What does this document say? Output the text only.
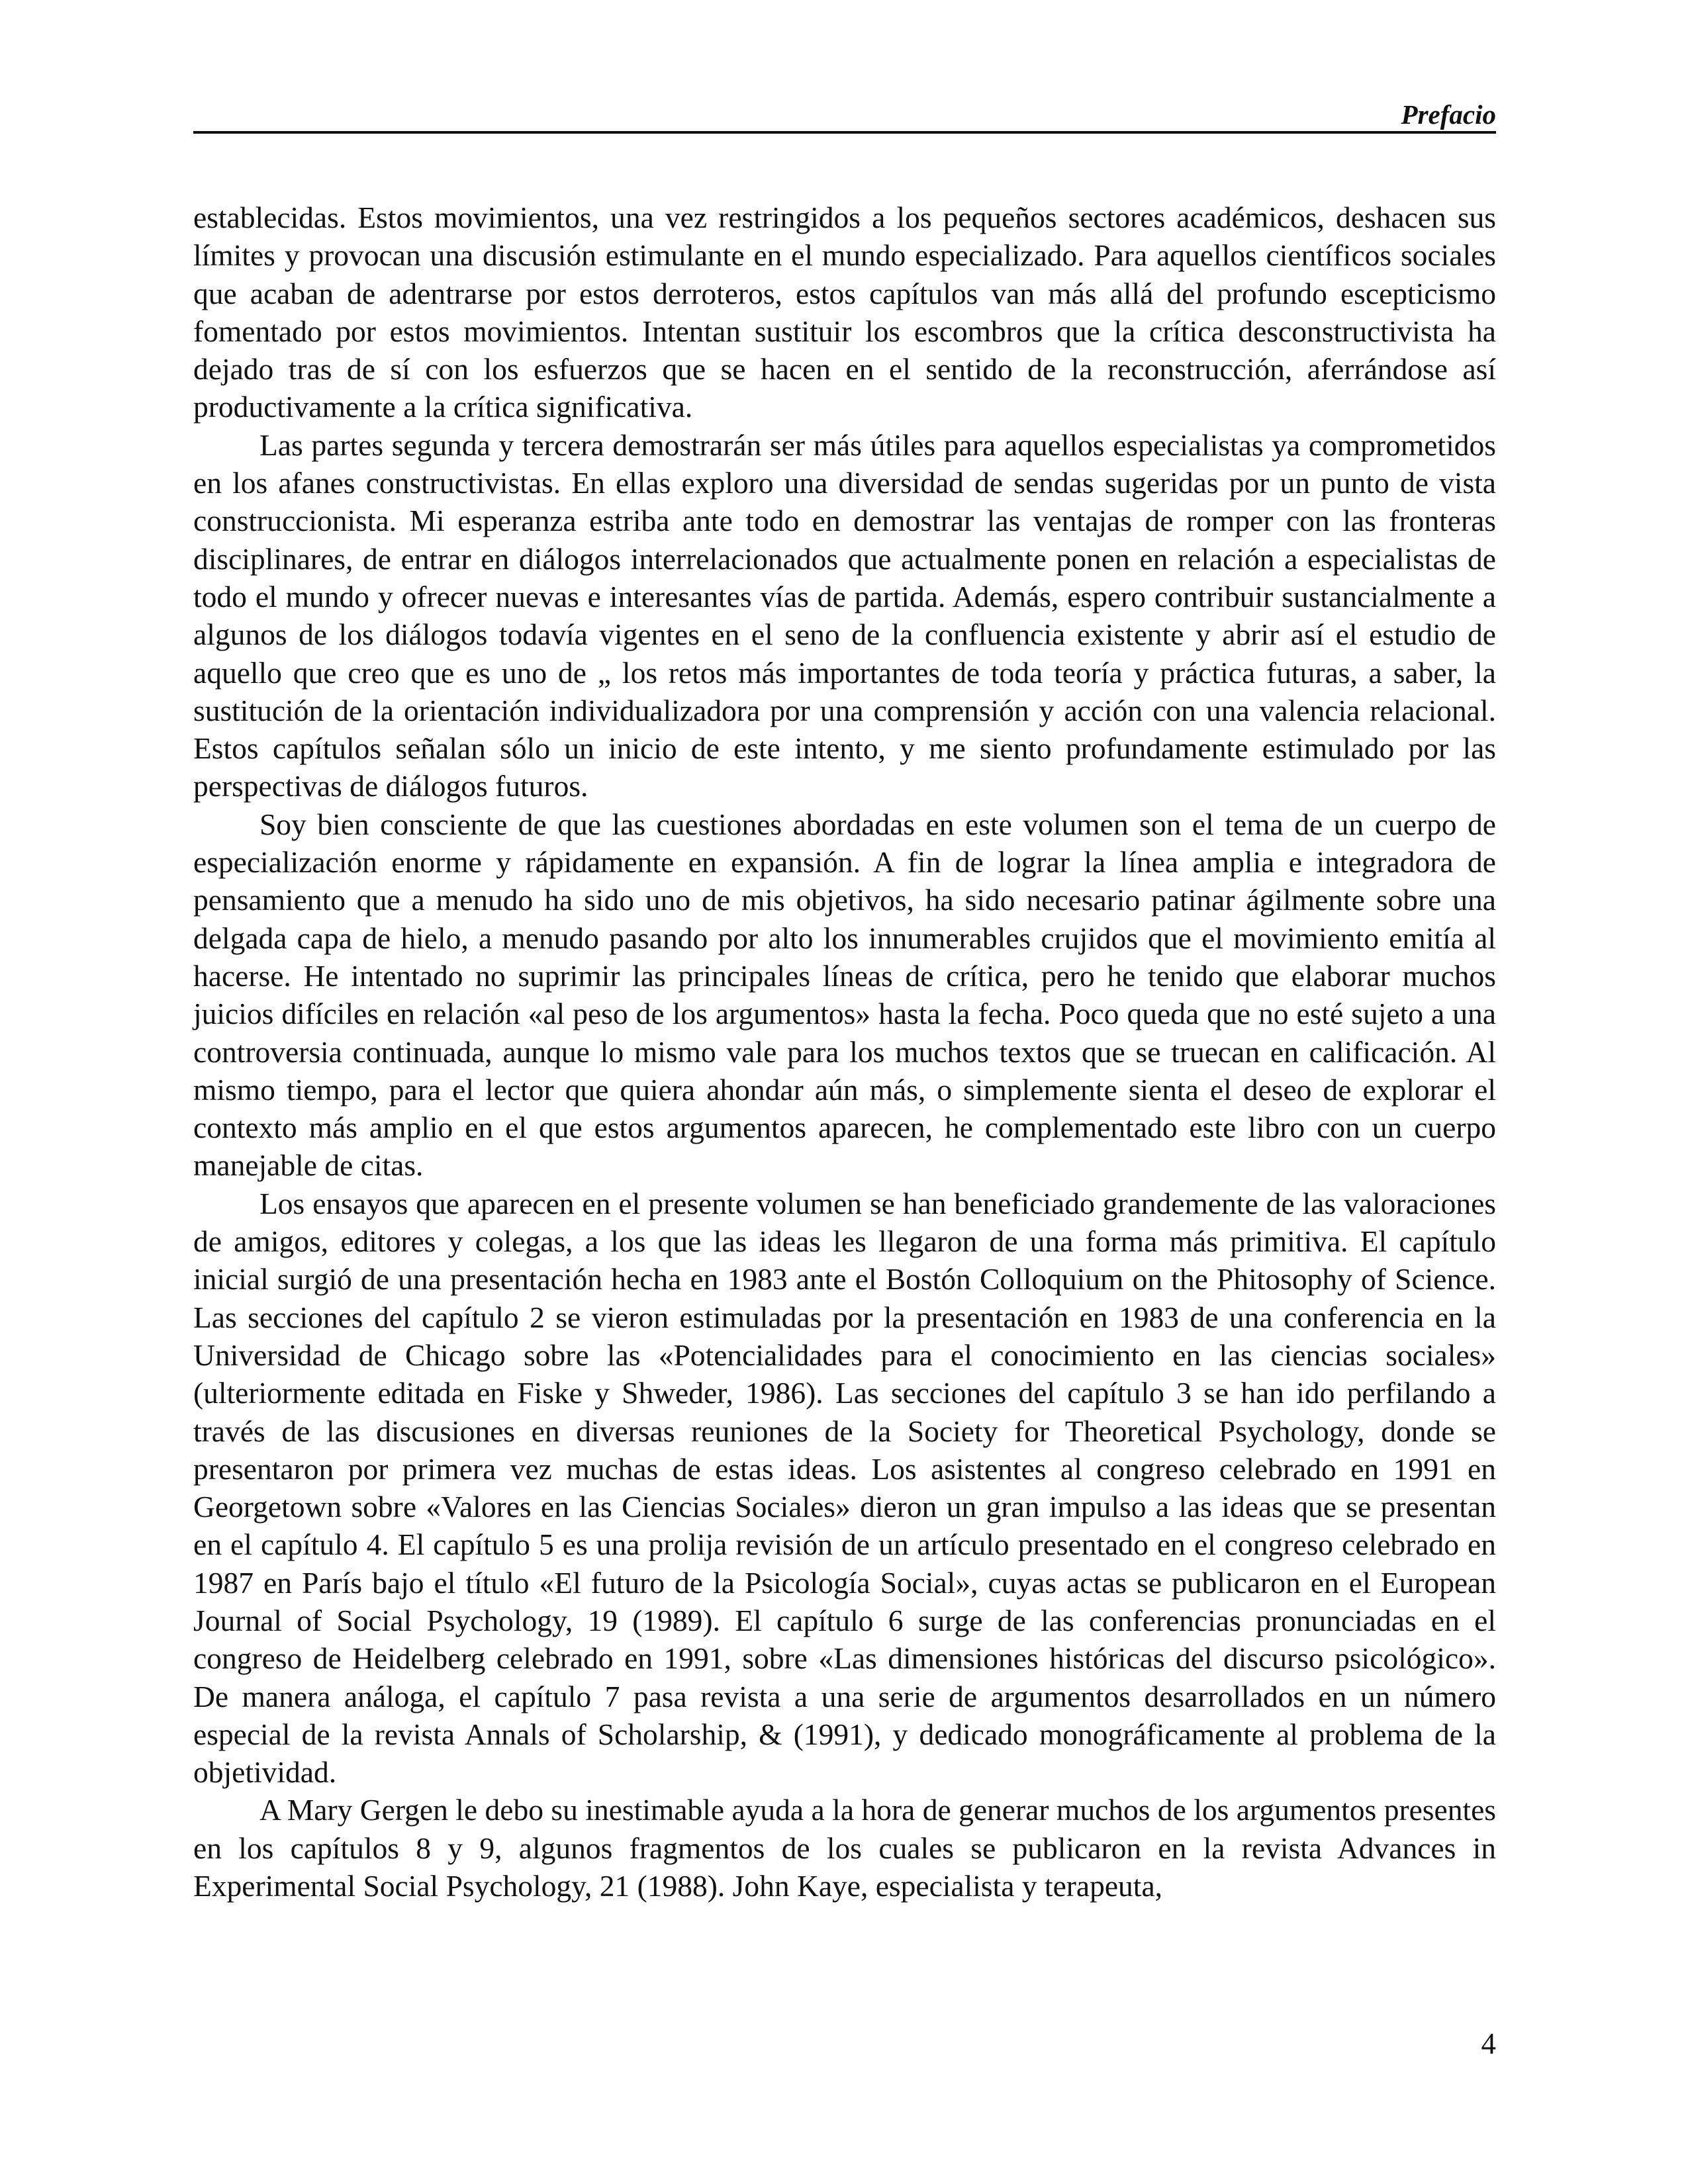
Prefacio

establecidas. Estos movimientos, una vez restringidos a los pequeños sectores académicos, deshacen sus límites y provocan una discusión estimulante en el mundo especializado. Para aquellos científicos sociales que acaban de adentrarse por estos derroteros, estos capítulos van más allá del profundo escepticismo fomentado por estos movimientos. Intentan sustituir los escombros que la crítica desconstructivista ha dejado tras de sí con los esfuerzos que se hacen en el sentido de la reconstrucción, aferrándose así productivamente a la crítica significativa.

Las partes segunda y tercera demostrarán ser más útiles para aquellos especialistas ya comprometidos en los afanes constructivistas. En ellas exploro una diversidad de sendas sugeridas por un punto de vista construccionista. Mi esperanza estriba ante todo en demostrar las ventajas de romper con las fronteras disciplinares, de entrar en diálogos interrelacionados que actualmente ponen en relación a especialistas de todo el mundo y ofrecer nuevas e interesantes vías de partida. Además, espero contribuir sustancialmente a algunos de los diálogos todavía vigentes en el seno de la confluencia existente y abrir así el estudio de aquello que creo que es uno de „ los retos más importantes de toda teoría y práctica futuras, a saber, la sustitución de la orientación individualizadora por una comprensión y acción con una valencia relacional. Estos capítulos señalan sólo un inicio de este intento, y me siento profundamente estimulado por las perspectivas de diálogos futuros.

Soy bien consciente de que las cuestiones abordadas en este volumen son el tema de un cuerpo de especialización enorme y rápidamente en expansión. A fin de lograr la línea amplia e integradora de pensamiento que a menudo ha sido uno de mis objetivos, ha sido necesario patinar ágilmente sobre una delgada capa de hielo, a menudo pasando por alto los innumerables crujidos que el movimiento emitía al hacerse. He intentado no suprimir las principales líneas de crítica, pero he tenido que elaborar muchos juicios difíciles en relación «al peso de los argumentos» hasta la fecha. Poco queda que no esté sujeto a una controversia continuada, aunque lo mismo vale para los muchos textos que se truecan en calificación. Al mismo tiempo, para el lector que quiera ahondar aún más, o simplemente sienta el deseo de explorar el contexto más amplio en el que estos argumentos aparecen, he complementado este libro con un cuerpo manejable de citas.

Los ensayos que aparecen en el presente volumen se han beneficiado grandemente de las valoraciones de amigos, editores y colegas, a los que las ideas les llegaron de una forma más primitiva. El capítulo inicial surgió de una presentación hecha en 1983 ante el Bostón Colloquium on the Phitosophy of Science. Las secciones del capítulo 2 se vieron estimuladas por la presentación en 1983 de una conferencia en la Universidad de Chicago sobre las «Potencialidades para el conocimiento en las ciencias sociales» (ulteriormente editada en Fiske y Shweder, 1986). Las secciones del capítulo 3 se han ido perfilando a través de las discusiones en diversas reuniones de la Society for Theoretical Psychology, donde se presentaron por primera vez muchas de estas ideas. Los asistentes al congreso celebrado en 1991 en Georgetown sobre «Valores en las Ciencias Sociales» dieron un gran impulso a las ideas que se presentan en el capítulo 4. El capítulo 5 es una prolija revisión de un artículo presentado en el congreso celebrado en 1987 en París bajo el título «El futuro de la Psicología Social», cuyas actas se publicaron en el European Journal of Social Psychology, 19 (1989). El capítulo 6 surge de las conferencias pronunciadas en el congreso de Heidelberg celebrado en 1991, sobre «Las dimensiones históricas del discurso psicológico». De manera análoga, el capítulo 7 pasa revista a una serie de argumentos desarrollados en un número especial de la revista Annals of Scholarship, & (1991), y dedicado monográficamente al problema de la objetividad.

A Mary Gergen le debo su inestimable ayuda a la hora de generar muchos de los argumentos presentes en los capítulos 8 y 9, algunos fragmentos de los cuales se publicaron en la revista Advances in Experimental Social Psychology, 21 (1988). John Kaye, especialista y terapeuta,

4
